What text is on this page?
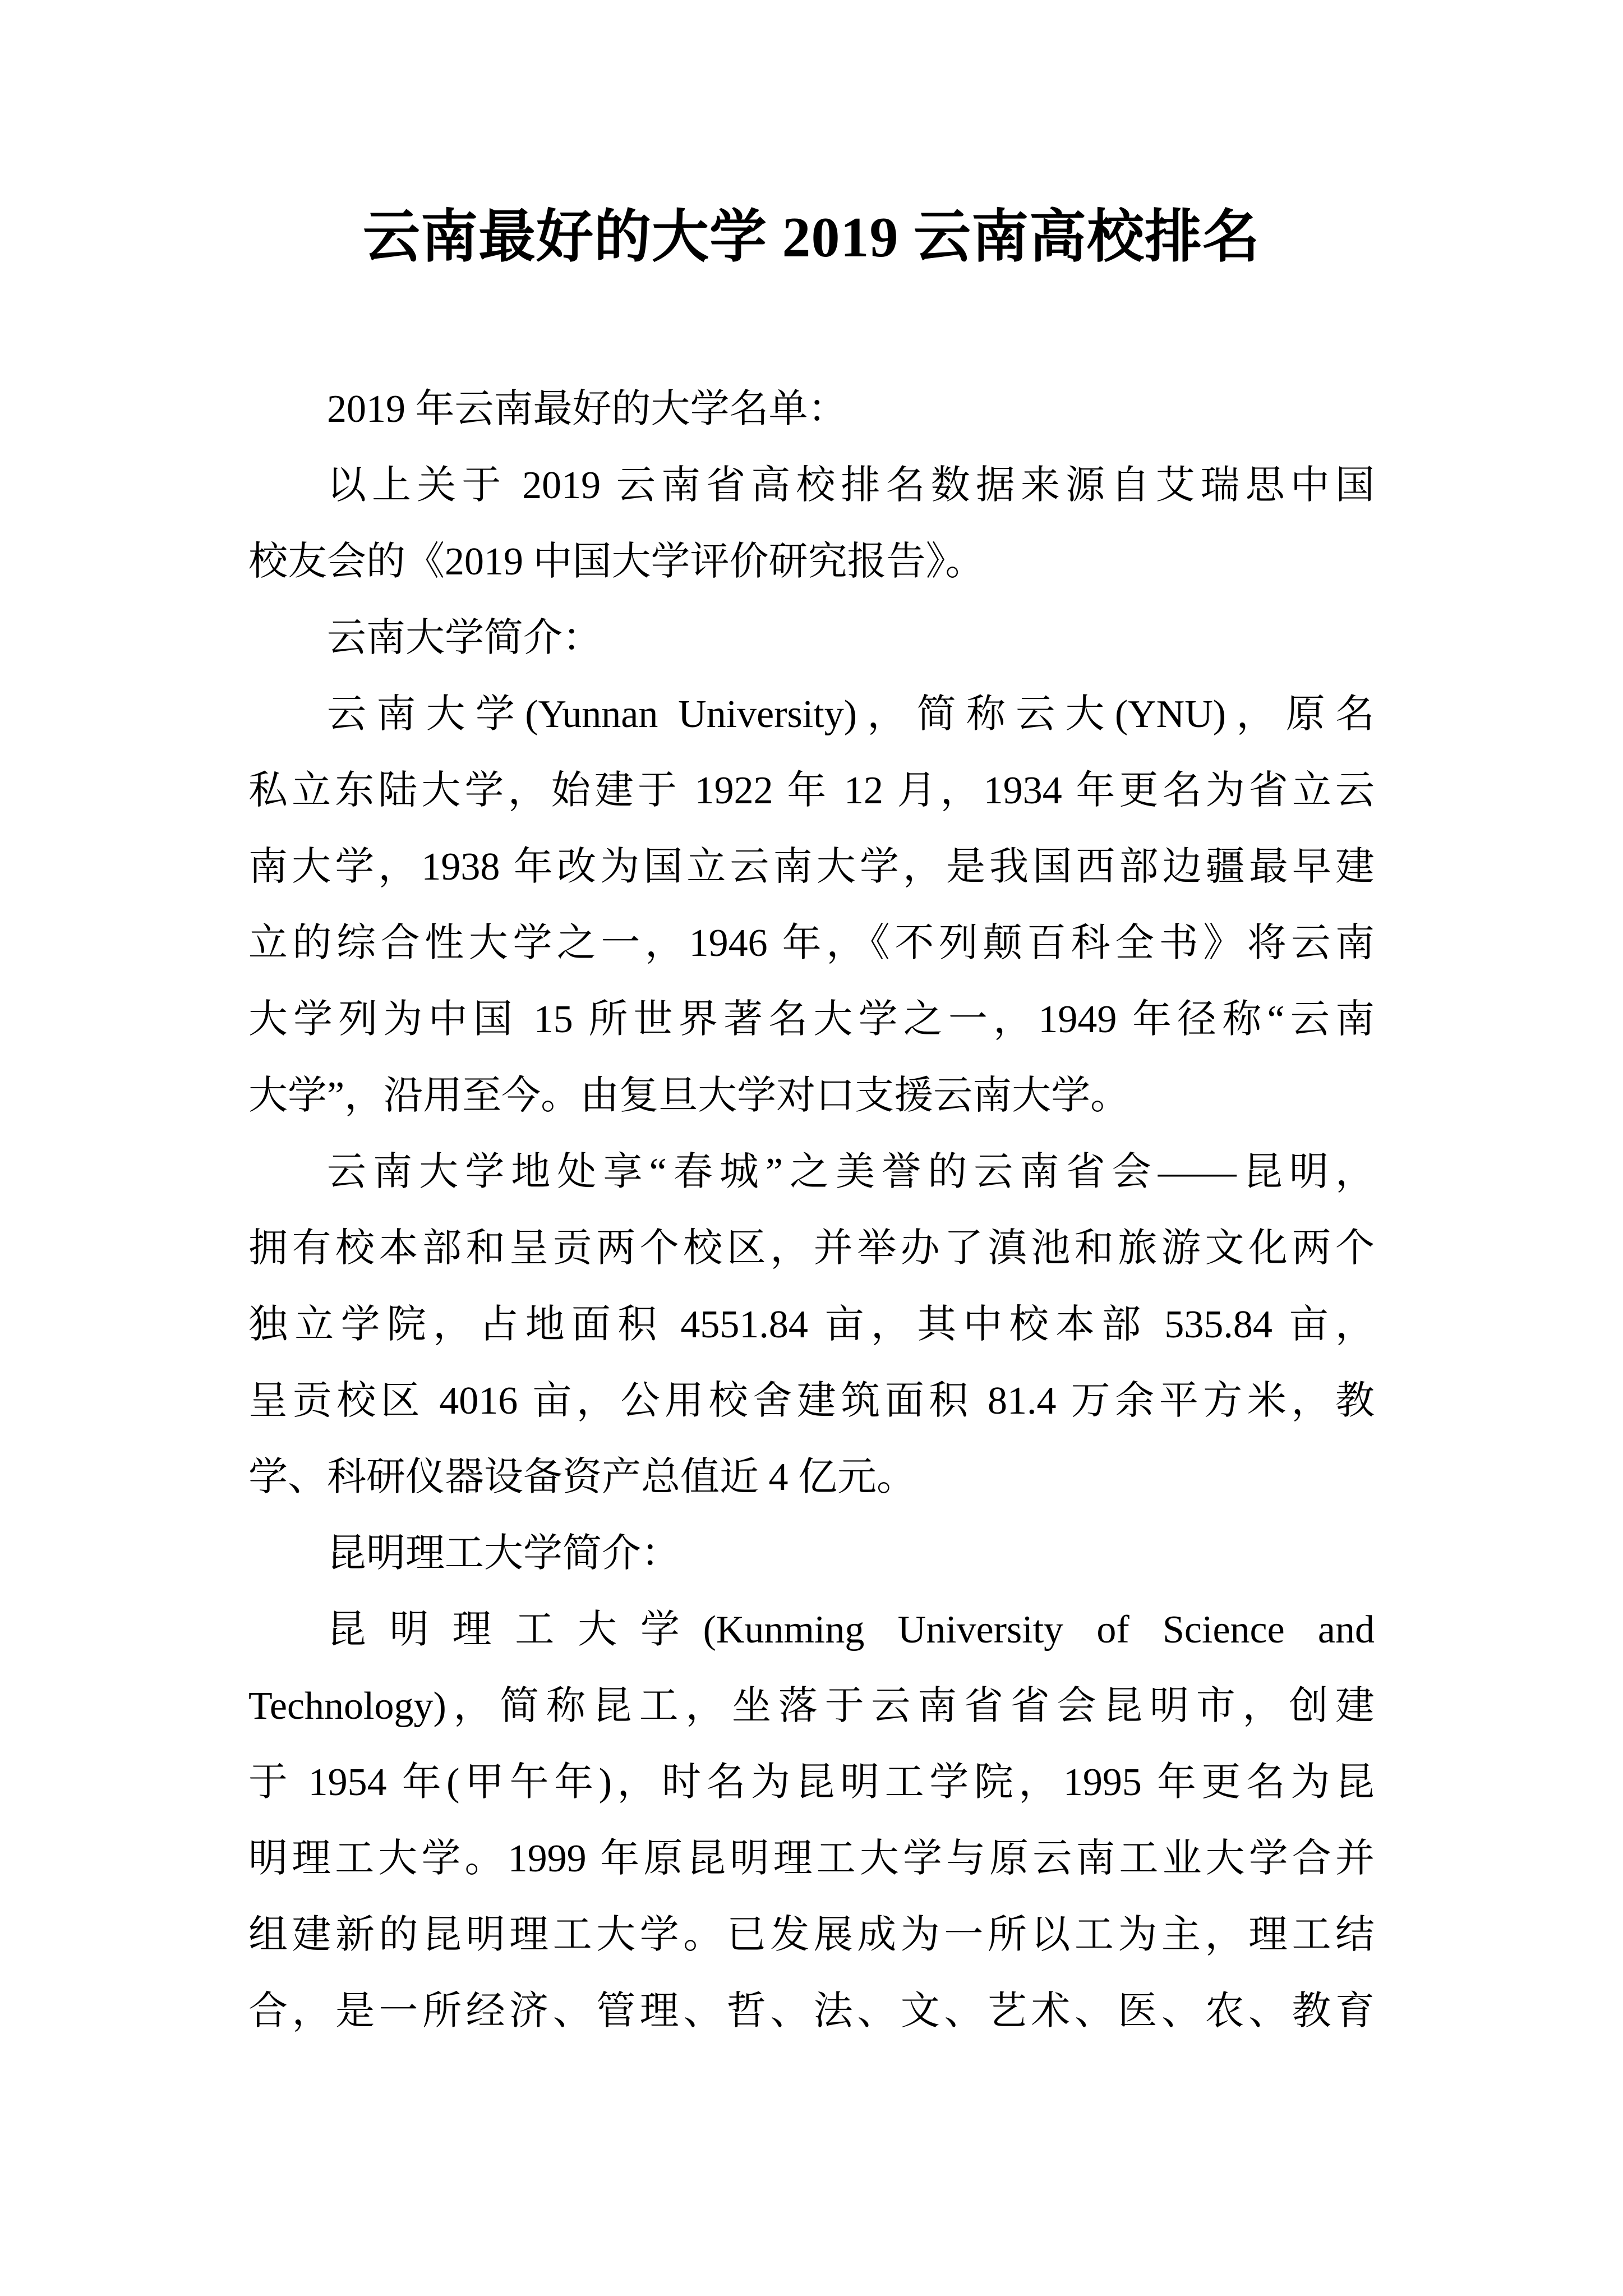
云南最好的大学 2019 云南高校排名
2019 年云南最好的大学名单：
以上关于 2019 云南省高校排名数据来源自艾瑞思中国
校友会的《2019 中国大学评价研究报告》。
云南大学简介：
云南大学(Yunnan University)，简称云大(YNU)，原名
私立东陆大学，始建于 1922 年 12 月，1934 年更名为省立云
南大学，1938 年改为国立云南大学，是我国西部边疆最早建
立的综合性大学之一，1946 年，《不列颠百科全书》将云南
大学列为中国 15 所世界著名大学之一，1949 年径称“云南
大学”，沿用至今。由复旦大学对口支援云南大学。
云南大学地处享“春城”之美誉的云南省会——昆明，
拥有校本部和呈贡两个校区，并举办了滇池和旅游文化两个
独立学院，占地面积 4551.84 亩，其中校本部 535.84 亩，
呈贡校区 4016 亩，公用校舍建筑面积 81.4 万余平方米，教
学、科研仪器设备资产总值近 4 亿元。
昆明理工大学简介：
昆明理工大学(Kunming University of Science and
Technology)，简称昆工，坐落于云南省省会昆明市，创建
于 1954 年(甲午年)，时名为昆明工学院，1995 年更名为昆
明理工大学。1999 年原昆明理工大学与原云南工业大学合并
组建新的昆明理工大学。已发展成为一所以工为主，理工结
合，是一所经济、管理、哲、法、文、艺术、医、农、教育
